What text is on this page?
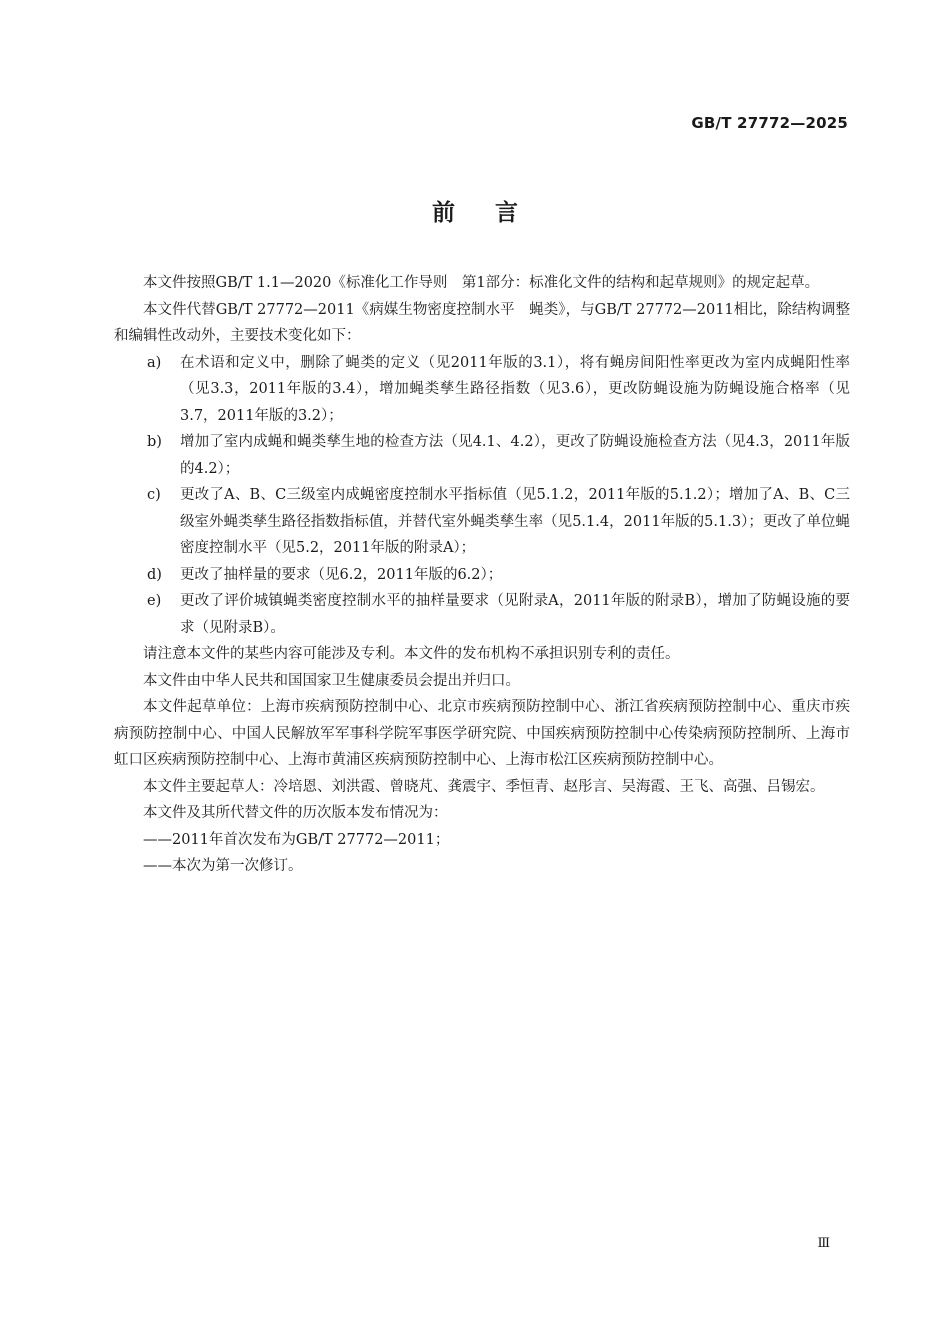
GB/T 27772—2025
前言

本文件按照GB/T 1.1—2020《标准化工作导则　第1部分：标准化文件的结构和起草规则》的规定起草。

本文件代替GB/T 27772—2011《病媒生物密度控制水平　蝇类》，与GB/T 27772—2011相比，除结构调整和编辑性改动外，主要技术变化如下：

a) 在术语和定义中，删除了蝇类的定义（见2011年版的3.1），将有蝇房间阳性率更改为室内成蝇阳性率（见3.3，2011年版的3.4），增加蝇类孳生路径指数（见3.6），更改防蝇设施为防蝇设施合格率（见3.7，2011年版的3.2）；
b) 增加了室内成蝇和蝇类孳生地的检查方法（见4.1、4.2），更改了防蝇设施检查方法（见4.3，2011年版的4.2）；
c) 更改了A、B、C三级室内成蝇密度控制水平指标值（见5.1.2，2011年版的5.1.2）；增加了A、B、C三级室外蝇类孳生路径指数指标值，并替代室外蝇类孳生率（见5.1.4，2011年版的5.1.3）；更改了单位蝇密度控制水平（见5.2，2011年版的附录A）；
d) 更改了抽样量的要求（见6.2，2011年版的6.2）；
e) 更改了评价城镇蝇类密度控制水平的抽样量要求（见附录A，2011年版的附录B），增加了防蝇设施的要求（见附录B）。

请注意本文件的某些内容可能涉及专利。本文件的发布机构不承担识别专利的责任。

本文件由中华人民共和国国家卫生健康委员会提出并归口。

本文件起草单位：上海市疾病预防控制中心、北京市疾病预防控制中心、浙江省疾病预防控制中心、重庆市疾病预防控制中心、中国人民解放军军事科学院军事医学研究院、中国疾病预防控制中心传染病预防控制所、上海市虹口区疾病预防控制中心、上海市黄浦区疾病预防控制中心、上海市松江区疾病预防控制中心。

本文件主要起草人：冷培恩、刘洪霞、曾晓芃、龚震宇、季恒青、赵彤言、吴海霞、王飞、高强、吕锡宏。

本文件及其所代替文件的历次版本发布情况为：

——2011年首次发布为GB/T 27772—2011；

——本次为第一次修订。

Ⅲ
